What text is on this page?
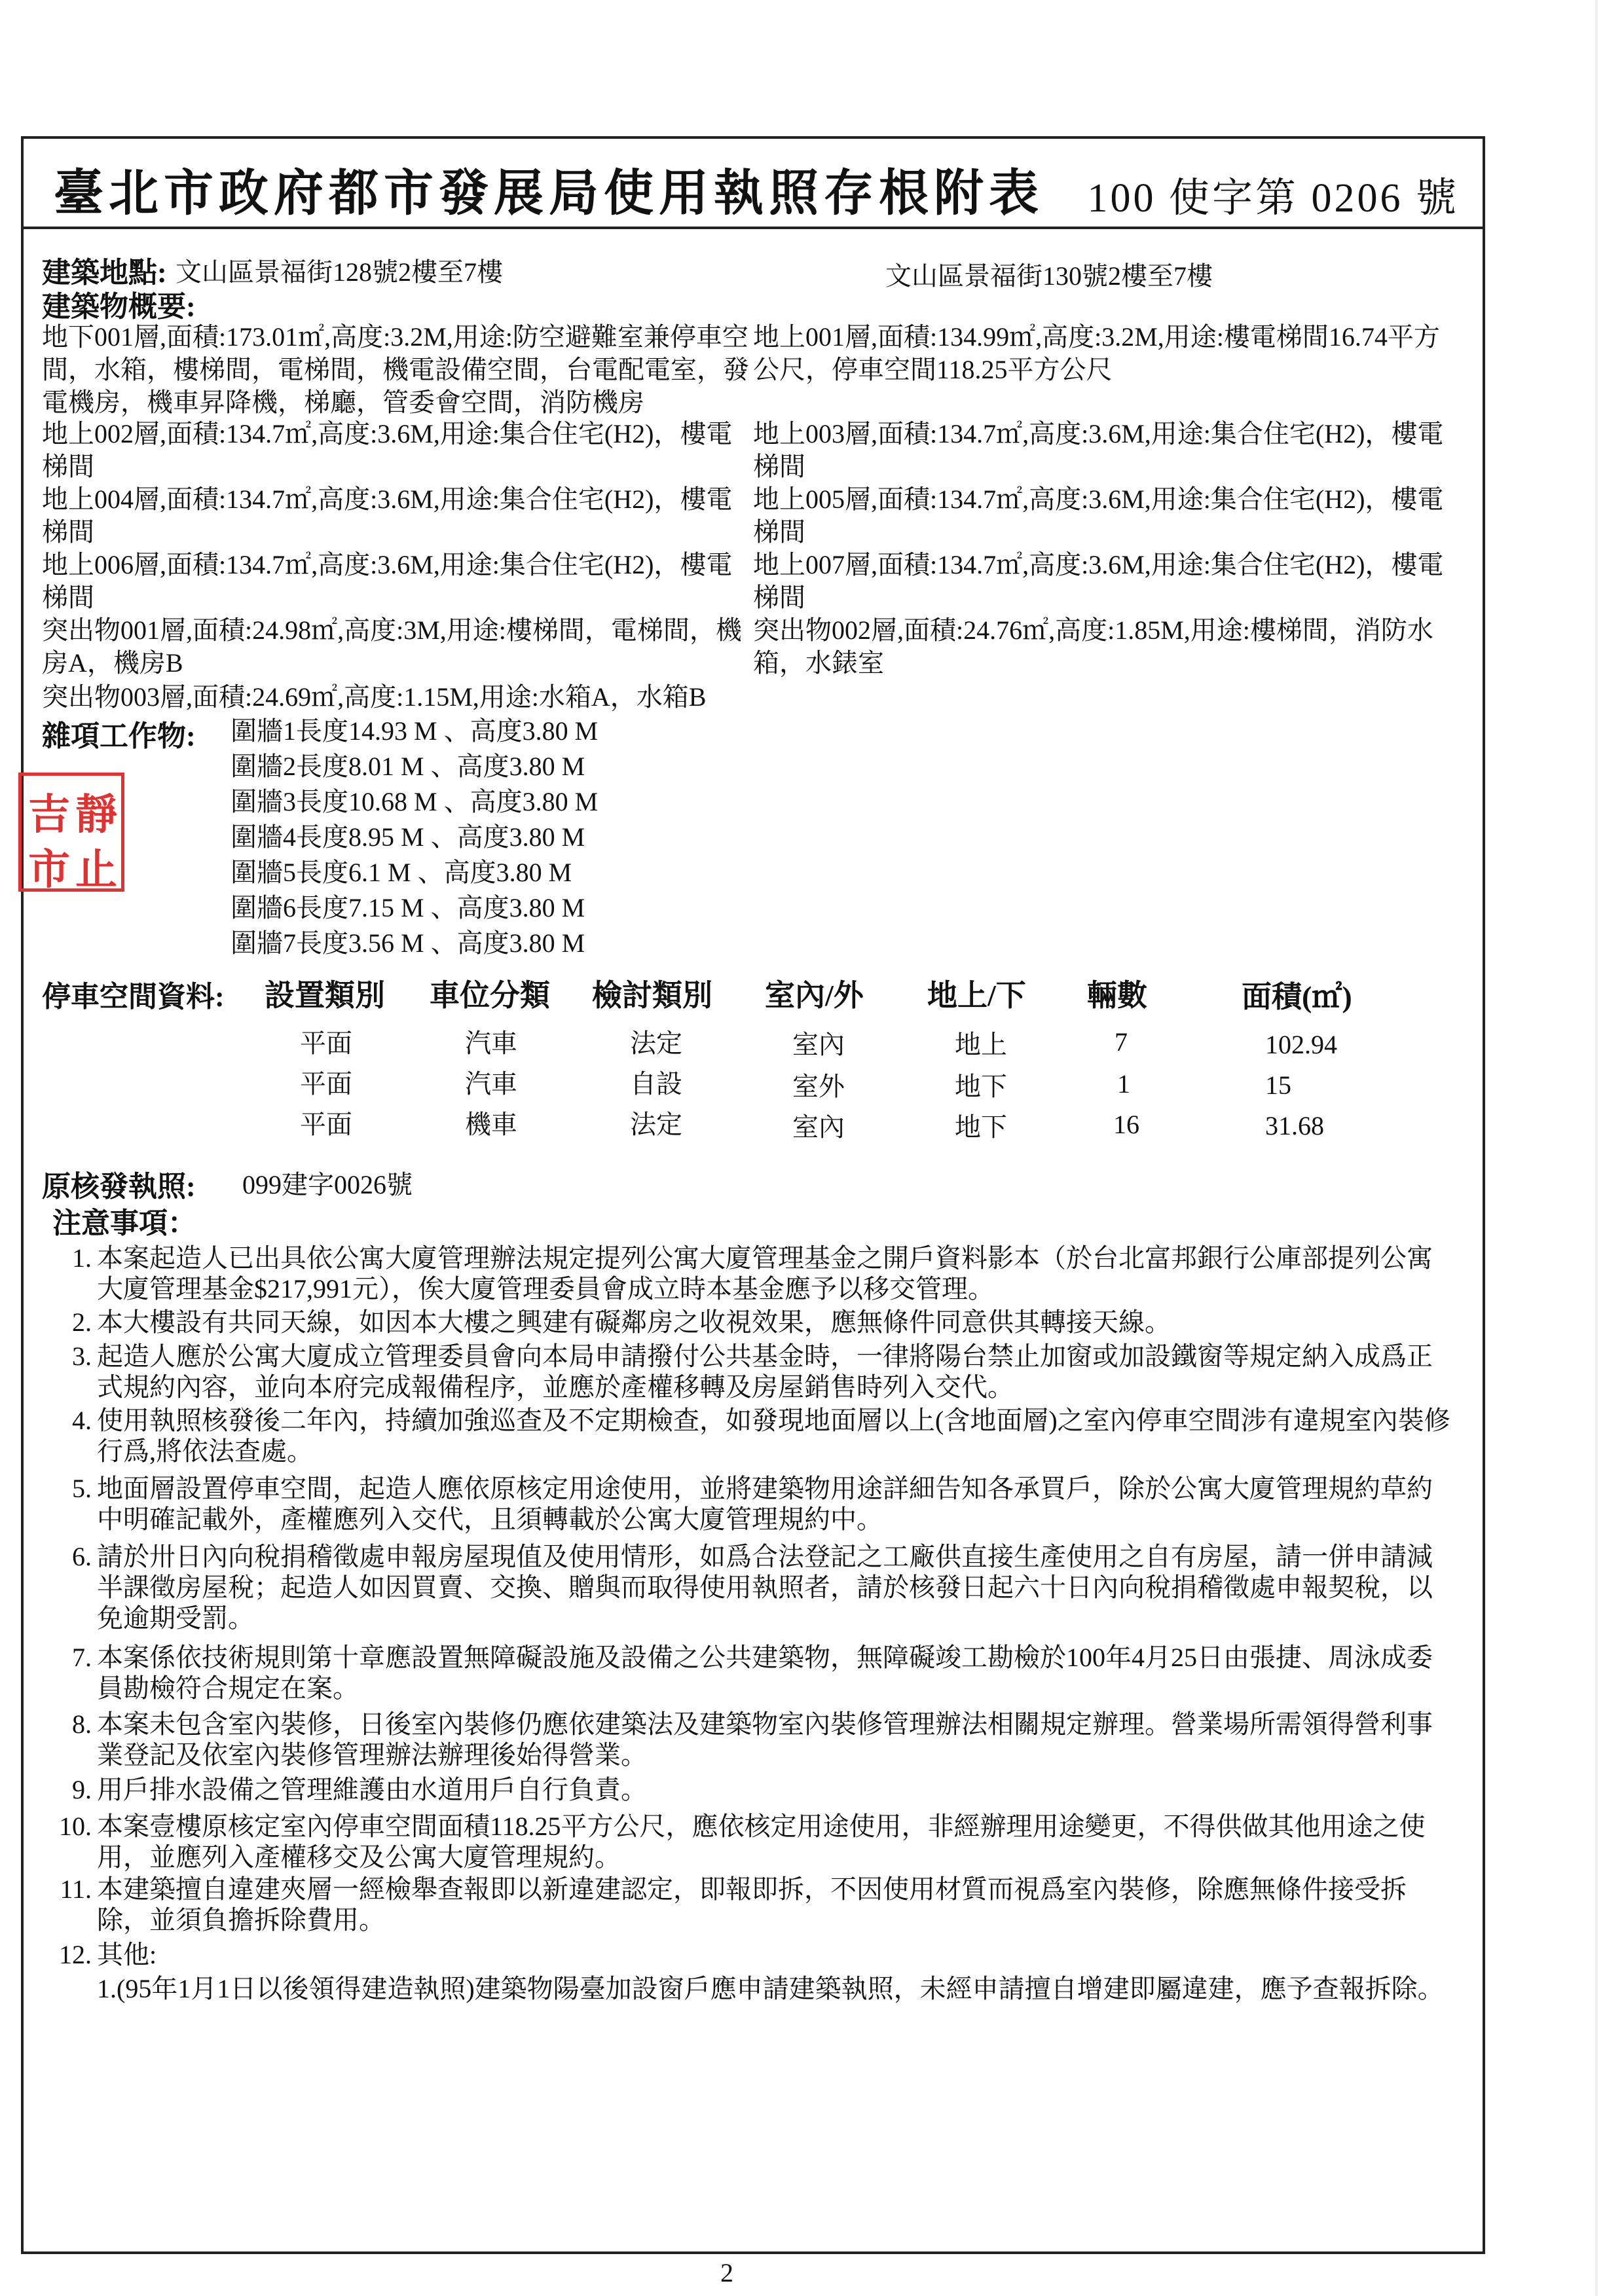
臺北市政府都市發展局使用執照存根附表 100 使字第 0206 號
建築地點: 文山區景福街128號2樓至7樓	文山區景福街130號2樓至7樓
建築物概要:
地下001層,面積:173.01㎡,高度:3.2M,用途:防空避難室兼停車空間，水箱，樓梯間，電梯間，機電設備空間，台電配電室，發電機房，機車昇降機，梯廳，管委會空間，消防機房
地上001層,面積:134.99㎡,高度:3.2M,用途:樓電梯間16.74平方公尺，停車空間118.25平方公尺
地上002層,面積:134.7㎡,高度:3.6M,用途:集合住宅(H2)，樓電梯間
地上003層,面積:134.7㎡,高度:3.6M,用途:集合住宅(H2)，樓電梯間
地上004層,面積:134.7㎡,高度:3.6M,用途:集合住宅(H2)，樓電梯間
地上005層,面積:134.7㎡,高度:3.6M,用途:集合住宅(H2)，樓電梯間
地上006層,面積:134.7㎡,高度:3.6M,用途:集合住宅(H2)，樓電梯間
地上007層,面積:134.7㎡,高度:3.6M,用途:集合住宅(H2)，樓電梯間
突出物001層,面積:24.98㎡,高度:3M,用途:樓梯間，電梯間，機房A，機房B
突出物002層,面積:24.76㎡,高度:1.85M,用途:樓梯間，消防水箱，水錶室
突出物003層,面積:24.69㎡,高度:1.15M,用途:水箱A，水箱B
雜項工作物: 圍牆1長度14.93 M 、高度3.80 M
圍牆2長度8.01 M 、高度3.80 M
圍牆3長度10.68 M 、高度3.80 M
圍牆4長度8.95 M 、高度3.80 M
圍牆5長度6.1 M 、高度3.80 M
圍牆6長度7.15 M 、高度3.80 M
圍牆7長度3.56 M 、高度3.80 M
吉 靜
市 止
停車空間資料: 設置類別 車位分類 檢討類別 室內/外 地上/下 輛數	面積(㎡)
平面	汽車	法定	室內	地上	7	102.94
平面	汽車	自設	室外	地下	1	15
平面	機車	法定	室內	地下	16	31.68
原核發執照: 099建字0026號
注意事項：
1. 本案起造人已出具依公寓大廈管理辦法規定提列公寓大廈管理基金之開戶資料影本（於台北富邦銀行公庫部提列公寓大廈管理基金$217,991元），俟大廈管理委員會成立時本基金應予以移交管理。
2. 本大樓設有共同天線，如因本大樓之興建有礙鄰房之收視效果，應無條件同意供其轉接天線。
3. 起造人應於公寓大廈成立管理委員會向本局申請撥付公共基金時，一律將陽台禁止加窗或加設鐵窗等規定納入成爲正式規約內容，並向本府完成報備程序，並應於產權移轉及房屋銷售時列入交代。
4. 使用執照核發後二年內，持續加強巡查及不定期檢查，如發現地面層以上(含地面層)之室內停車空間涉有違規室內裝修行爲,將依法查處。
5. 地面層設置停車空間，起造人應依原核定用途使用，並將建築物用途詳細告知各承買戶，除於公寓大廈管理規約草約中明確記載外，產權應列入交代，且須轉載於公寓大廈管理規約中。
6. 請於卅日內向稅捐稽徵處申報房屋現值及使用情形，如爲合法登記之工廠供直接生產使用之自有房屋，請一併申請減半課徵房屋稅；起造人如因買賣、交換、贈與而取得使用執照者，請於核發日起六十日內向稅捐稽徵處申報契稅，以免逾期受罰。
7. 本案係依技術規則第十章應設置無障礙設施及設備之公共建築物，無障礙竣工勘檢於100年4月25日由張捷、周泳成委員勘檢符合規定在案。
8. 本案未包含室內裝修，日後室內裝修仍應依建築法及建築物室內裝修管理辦法相關規定辦理。營業場所需領得營利事業登記及依室內裝修管理辦法辦理後始得營業。
9. 用戶排水設備之管理維護由水道用戶自行負責。
10. 本案壹樓原核定室內停車空間面積118.25平方公尺，應依核定用途使用，非經辦理用途變更，不得供做其他用途之使用，並應列入產權移交及公寓大廈管理規約。
11. 本建築擅自違建夾層一經檢舉查報即以新違建認定，即報即拆，不因使用材質而視爲室內裝修，除應無條件接受拆除，並須負擔拆除費用。
12. 其他:
1.(95年1月1日以後領得建造執照)建築物陽臺加設窗戶應申請建築執照，未經申請擅自增建即屬違建，應予查報拆除。
2
